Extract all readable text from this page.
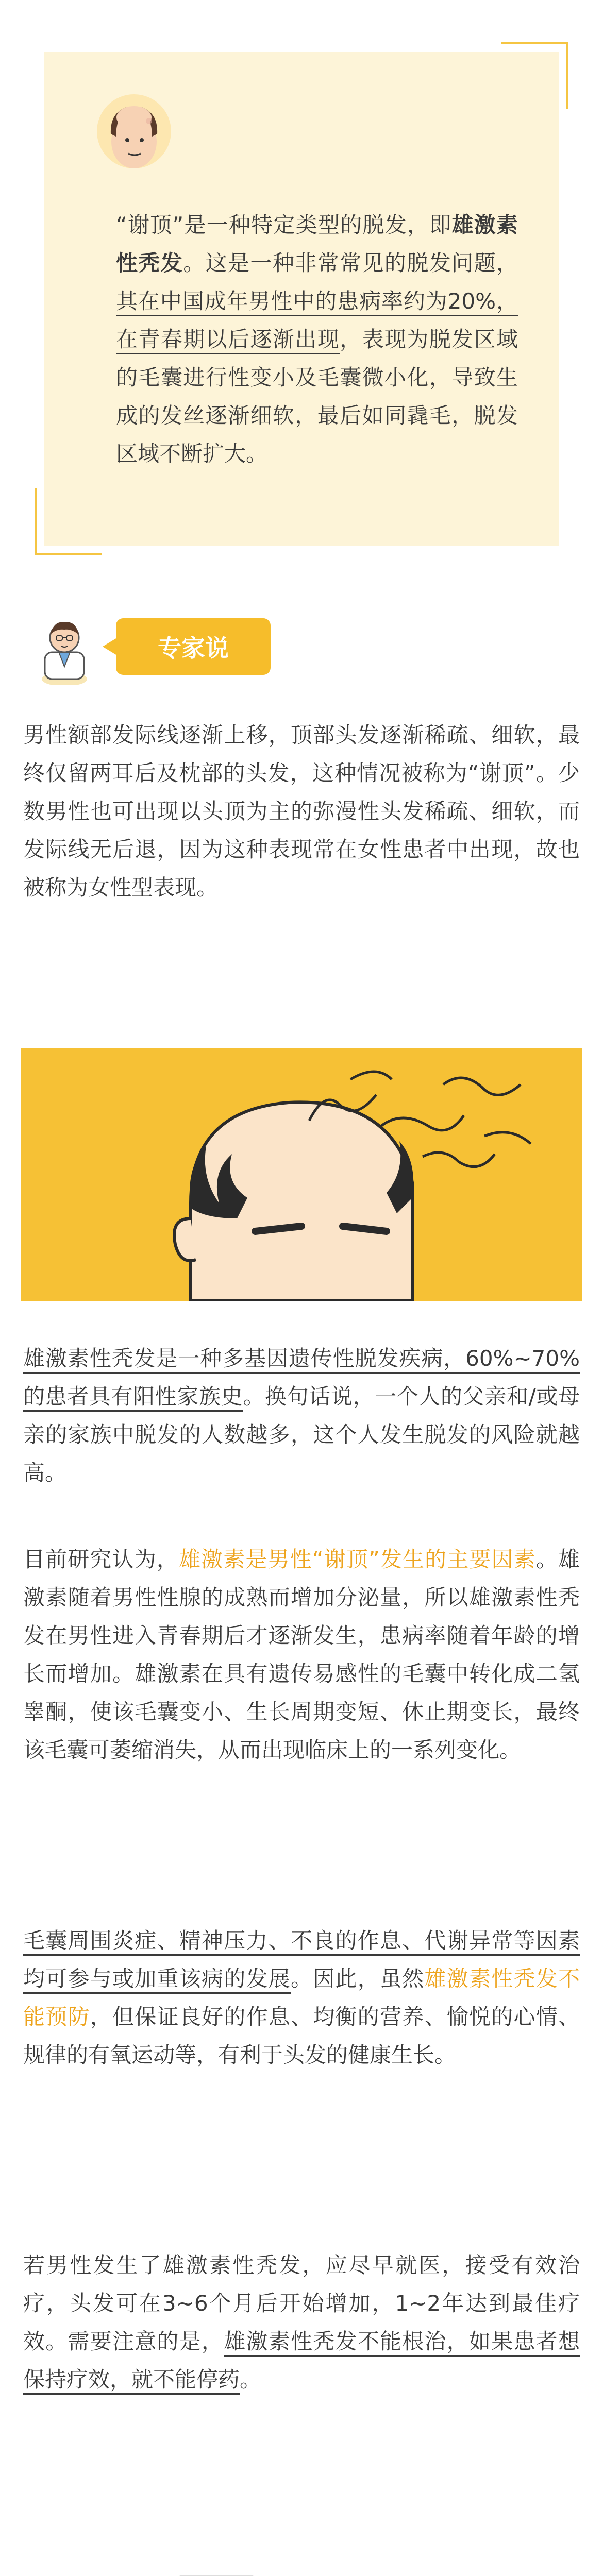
“谢顶”是一种特定类型的脱发，即雄激素性秃发。这是一种非常常见的脱发问题，其在中国成年男性中的患病率约为20%，在青春期以后逐渐出现，表现为脱发区域的毛囊进行性变小及毛囊微小化，导致生成的发丝逐渐细软，最后如同毳毛，脱发区域不断扩大。
专家说
男性额部发际线逐渐上移，顶部头发逐渐稀疏、细软，最终仅留两耳后及枕部的头发，这种情况被称为“谢顶”。少数男性也可出现以头顶为主的弥漫性头发稀疏、细软，而发际线无后退，因为这种表现常在女性患者中出现，故也被称为女性型表现。
雄激素性秃发是一种多基因遗传性脱发疾病，60%~70%的患者具有阳性家族史。换句话说，一个人的父亲和/或母亲的家族中脱发的人数越多，这个人发生脱发的风险就越高。
目前研究认为，雄激素是男性“谢顶”发生的主要因素。雄激素随着男性性腺的成熟而增加分泌量，所以雄激素性秃发在男性进入青春期后才逐渐发生，患病率随着年龄的增长而增加。雄激素在具有遗传易感性的毛囊中转化成二氢睾酮，使该毛囊变小、生长周期变短、休止期变长，最终该毛囊可萎缩消失，从而出现临床上的一系列变化。
毛囊周围炎症、精神压力、不良的作息、代谢异常等因素均可参与或加重该病的发展。因此，虽然雄激素性秃发不能预防，但保证良好的作息、均衡的营养、愉悦的心情、规律的有氧运动等，有利于头发的健康生长。
若男性发生了雄激素性秃发，应尽早就医，接受有效治疗，头发可在3~6个月后开始增加，1~2年达到最佳疗效。需要注意的是，雄激素性秃发不能根治，如果患者想保持疗效，就不能停药。
